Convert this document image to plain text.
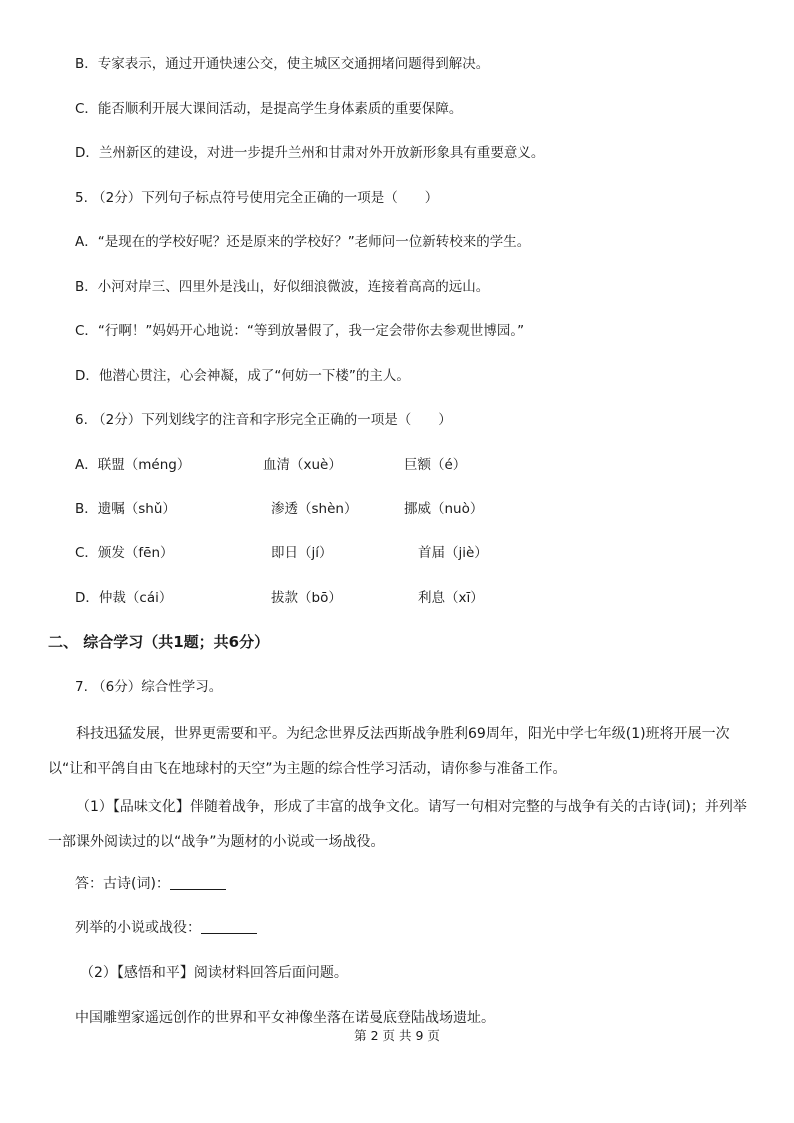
B．专家表示，通过开通快速公交，使主城区交通拥堵问题得到解决。
C．能否顺利开展大课间活动，是提高学生身体素质的重要保障。
D．兰州新区的建设，对进一步提升兰州和甘肃对外开放新形象具有重要意义。
5. （2分）下列句子标点符号使用完全正确的一项是（　　）
A．“是现在的学校好呢？还是原来的学校好？”老师问一位新转校来的学生。
B．小河对岸三、四里外是浅山，好似细浪微波，连接着高高的远山。
C．“行啊！”妈妈开心地说：“等到放暑假了，我一定会带你去参观世博园。”
D．他潜心贯注，心会神凝，成了“何妨一下楼”的主人。
6. （2分）下列划线字的注音和字形完全正确的一项是（　　）
A．联盟（méng）	血清（xuè）	巨额（é）
B．遗嘱（shǔ）	渗透（shèn）	挪威（nuò）
C．颁发（fēn）	即日（jí）	首届（jiè）
D．仲裁（cái）	拔款（bō）	利息（xī）
二、 综合学习（共1题；共6分）
7. （6分）综合性学习。
科技迅猛发展，世界更需要和平。为纪念世界反法西斯战争胜利69周年，阳光中学七年级(1)班将开展一次以“让和平鸽自由飞在地球村的天空”为主题的综合性学习活动，请你参与准备工作。
（1）【品味文化】伴随着战争，形成了丰富的战争文化。请写一句相对完整的与战争有关的古诗(词)；并列举一部课外阅读过的以“战争”为题材的小说或一场战役。
答：古诗(词)：
列举的小说或战役：
（2）【感悟和平】阅读材料回答后面问题。
中国雕塑家遥远创作的世界和平女神像坐落在诺曼底登陆战场遗址。
第 2 页 共 9 页
